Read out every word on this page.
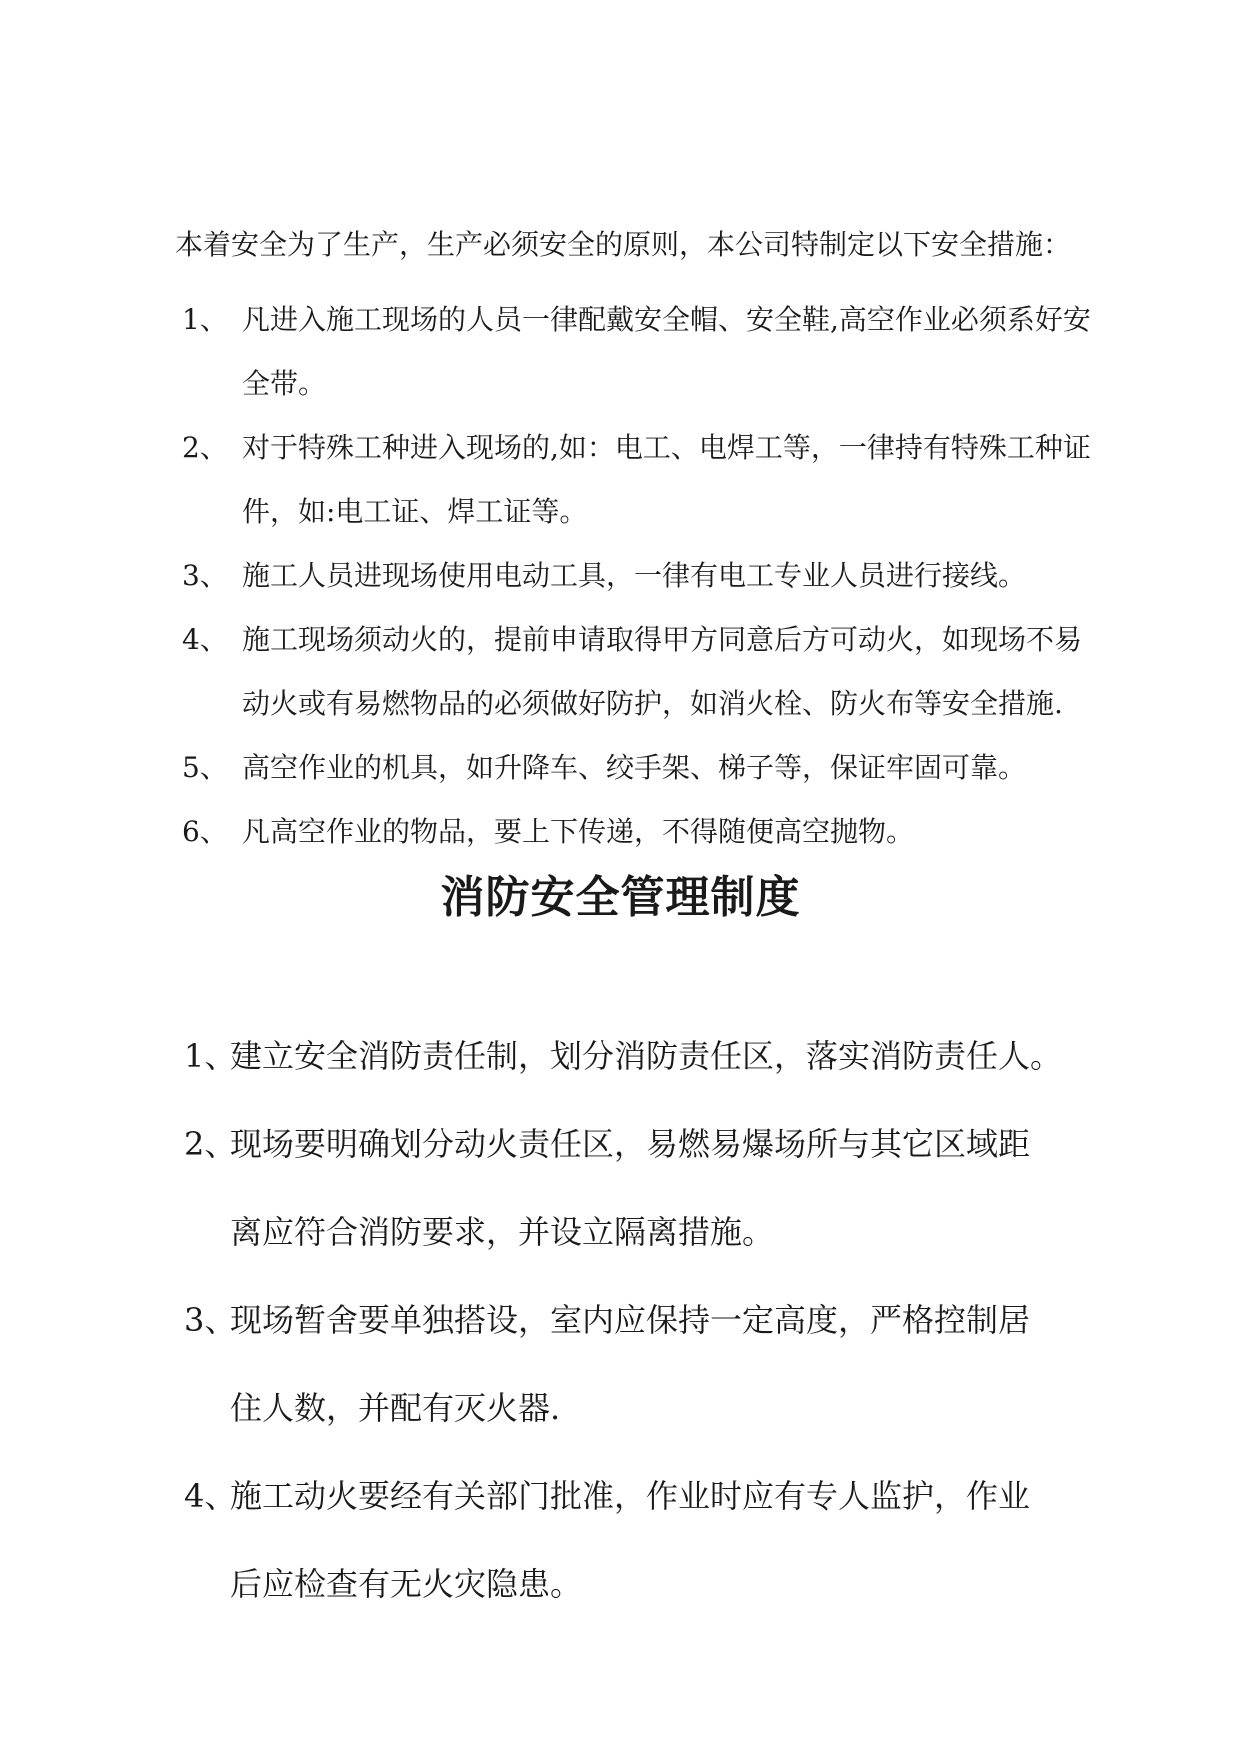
本着安全为了生产，生产必须安全的原则，本公司特制定以下安全措施：
1、 凡进入施工现场的人员一律配戴安全帽、安全鞋,高空作业必须系好安
全带。
2、 对于特殊工种进入现场的,如：电工、电焊工等，一律持有特殊工种证
件，如:电工证、焊工证等。
3、 施工人员进现场使用电动工具，一律有电工专业人员进行接线。
4、 施工现场须动火的，提前申请取得甲方同意后方可动火，如现场不易
动火或有易燃物品的必须做好防护，如消火栓、防火布等安全措施.
5、 高空作业的机具，如升降车、绞手架、梯子等，保证牢固可靠。
6、 凡高空作业的物品，要上下传递，不得随便高空抛物。
消防安全管理制度
1、
建立安全消防责任制，划分消防责任区，落实消防责任人。
2、
现场要明确划分动火责任区，易燃易爆场所与其它区域距
离应符合消防要求，并设立隔离措施。
3、
现场暂舍要单独搭设，室内应保持一定高度，严格控制居
住人数，并配有灭火器.
4、
施工动火要经有关部门批准，作业时应有专人监护，作业
后应检查有无火灾隐患。
